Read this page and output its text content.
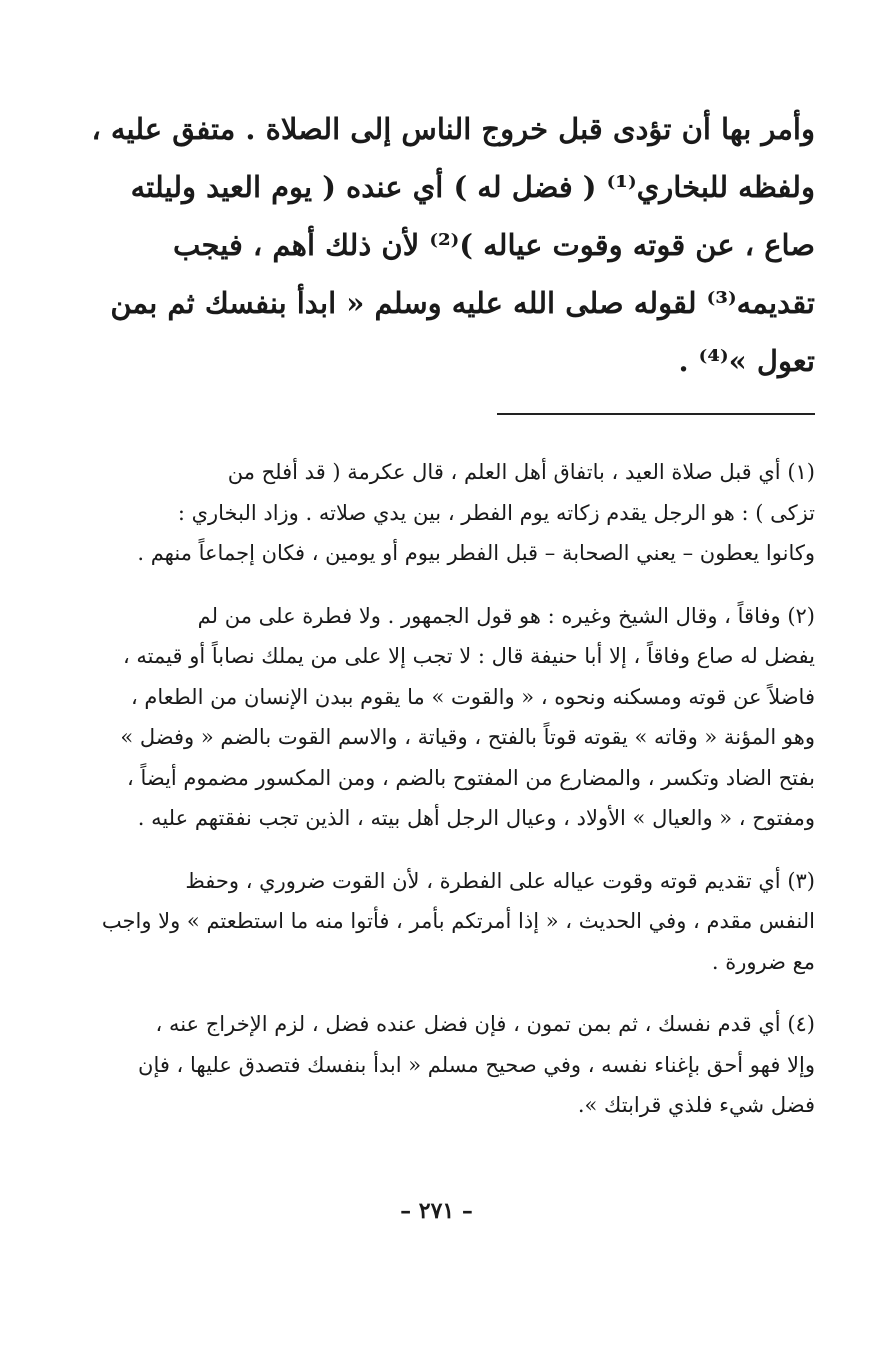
وأمر بها أن تؤدى قبل خروج الناس إلى الصلاة . متفق عليه ،
ولفظه للبخاري⁽¹⁾ ( فضل له ) أي عنده ( يوم العيد وليلته
صاع ، عن قوته وقوت عياله )⁽²⁾ لأن ذلك أهم ، فيجب
تقديمه⁽³⁾ لقوله صلى الله عليه وسلم « ابدأ بنفسك ثم بمن
تعول »⁽⁴⁾ .
(١) أي قبل صلاة العيد ، باتفاق أهل العلم ، قال عكرمة ( قد أفلح من
تزكى ) : هو الرجل يقدم زكاته يوم الفطر ، بين يدي صلاته . وزاد البخاري :
وكانوا يعطون – يعني الصحابة – قبل الفطر بيوم أو يومين ، فكان إجماعاً منهم .
(٢) وفاقاً ، وقال الشيخ وغيره : هو قول الجمهور . ولا فطرة على من لم
يفضل له صاع وفاقاً ، إلا أبا حنيفة قال : لا تجب إلا على من يملك نصاباً أو قيمته ،
فاضلاً عن قوته ومسكنه ونحوه ، « والقوت » ما يقوم ببدن الإنسان من الطعام ،
وهو المؤنة « وقاته » يقوته قوتاً بالفتح ، وقياتة ، والاسم القوت بالضم « وفضل »
بفتح الضاد وتكسر ، والمضارع من المفتوح بالضم ، ومن المكسور مضموم أيضاً ،
ومفتوح ، « والعيال » الأولاد ، وعيال الرجل أهل بيته ، الذين تجب نفقتهم عليه .
(٣) أي تقديم قوته وقوت عياله على الفطرة ، لأن القوت ضروري ، وحفظ
النفس مقدم ، وفي الحديث ، « إذا أمرتكم بأمر ، فأتوا منه ما استطعتم » ولا واجب
مع ضرورة .
(٤) أي قدم نفسك ، ثم بمن تمون ، فإن فضل عنده فضل ، لزم الإخراج عنه ،
وإلا فهو أحق بإغناء نفسه ، وفي صحيح مسلم « ابدأ بنفسك فتصدق عليها ، فإن
فضل شيء فلذي قرابتك ».
– ٢٧١ –
